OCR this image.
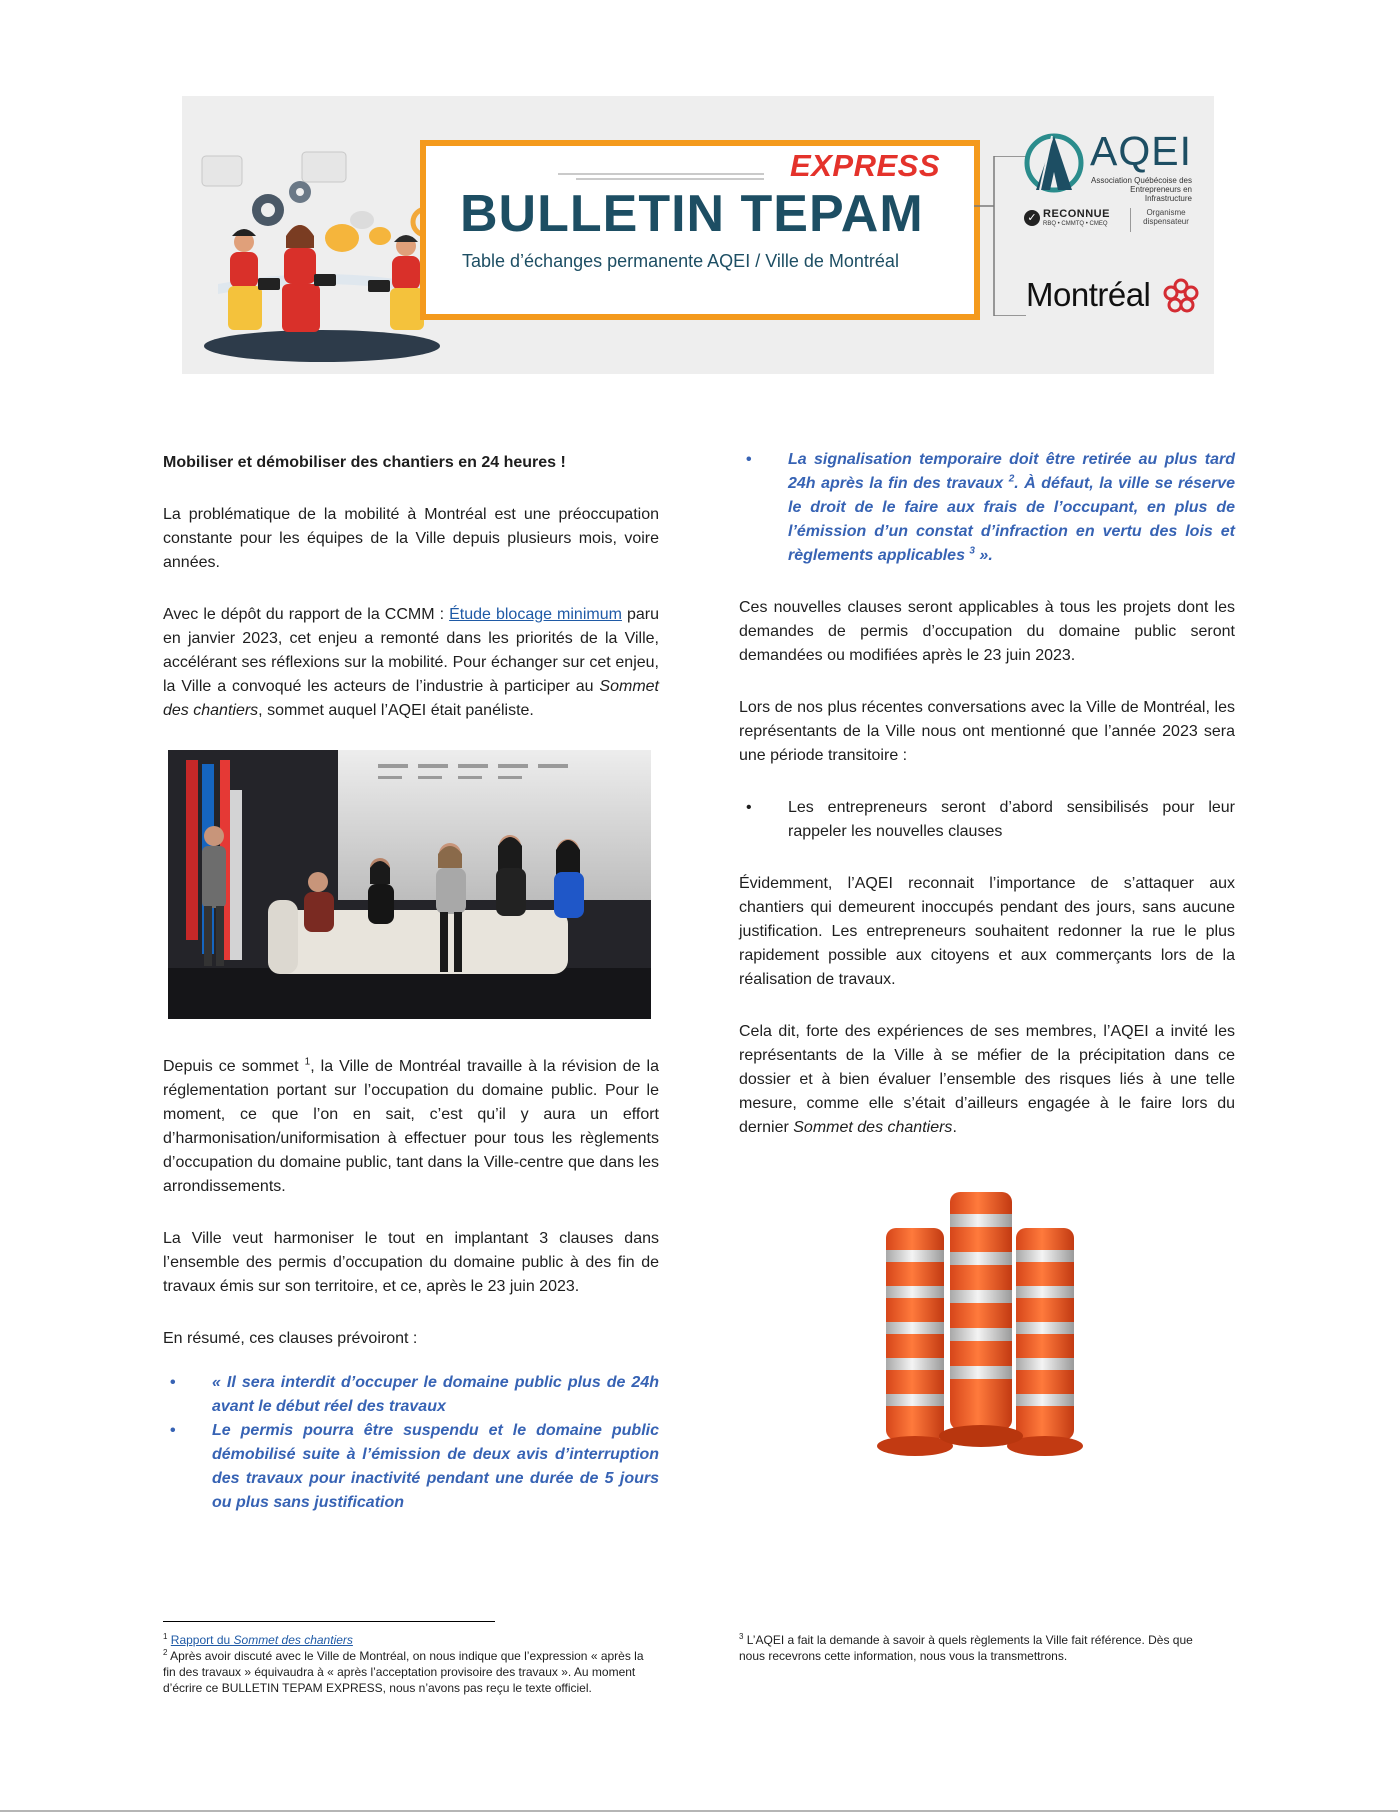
EXPRESS
BULLETIN TEPAM
Table d’échanges permanente AQEI / Ville de Montréal
AQEI
Association Québécoise des Entrepreneurs en Infrastructure
✓ RECONNUE
RBQ • CMMTQ • CMEQ
Organisme dispensateur
Montréal

Mobiliser et démobiliser des chantiers en 24 heures !

La problématique de la mobilité à Montréal est une préoccupation constante pour les équipes de la Ville depuis plusieurs mois, voire années.

Avec le dépôt du rapport de la CCMM : Étude blocage minimum paru en janvier 2023, cet enjeu a remonté dans les priorités de la Ville, accélérant ses réflexions sur la mobilité. Pour échanger sur cet enjeu, la Ville a convoqué les acteurs de l’industrie à participer au Sommet des chantiers, sommet auquel l’AQEI était panéliste.

Depuis ce sommet $^1$, la Ville de Montréal travaille à la révision de la réglementation portant sur l’occupation du domaine public. Pour le moment, ce que l’on en sait, c’est qu’il y aura un effort d’harmonisation/uniformisation à effectuer pour tous les règlements d’occupation du domaine public, tant dans la Ville-centre que dans les arrondissements.

La Ville veut harmoniser le tout en implantant 3 clauses dans l’ensemble des permis d’occupation du domaine public à des fin de travaux émis sur son territoire, et ce, après le 23 juin 2023.

En résumé, ces clauses prévoiront :

• « Il sera interdit d’occuper le domaine public plus de 24h avant le début réel des travaux
• Le permis pourra être suspendu et le domaine public démobilisé suite à l’émission de deux avis d’interruption des travaux pour inactivité pendant une durée de 5 jours ou plus sans justification
• La signalisation temporaire doit être retirée au plus tard 24h après la fin des travaux $^2$. À défaut, la ville se réserve le droit de le faire aux frais de l’occupant, en plus de l’émission d’un constat d’infraction en vertu des lois et règlements applicables $^3$ ».

Ces nouvelles clauses seront applicables à tous les projets dont les demandes de permis d’occupation du domaine public seront demandées ou modifiées après le 23 juin 2023.

Lors de nos plus récentes conversations avec la Ville de Montréal, les représentants de la Ville nous ont mentionné que l’année 2023 sera une période transitoire :

• Les entrepreneurs seront d’abord sensibilisés pour leur rappeler les nouvelles clauses

Évidemment, l’AQEI reconnait l’importance de s’attaquer aux chantiers qui demeurent inoccupés pendant des jours, sans aucune justification. Les entrepreneurs souhaitent redonner la rue le plus rapidement possible aux citoyens et aux commerçants lors de la réalisation de travaux.

Cela dit, forte des expériences de ses membres, l’AQEI a invité les représentants de la Ville à se méfier de la précipitation dans ce dossier et à bien évaluer l’ensemble des risques liés à une telle mesure, comme elle s’était d’ailleurs engagée à le faire lors du dernier Sommet des chantiers.

$^1$ Rapport du Sommet des chantiers

$^2$ Après avoir discuté avec le Ville de Montréal, on nous indique que l’expression « après la fin des travaux » équivaudra à « après l’acceptation provisoire des travaux ». Au moment d’écrire ce BULLETIN TEPAM EXPRESS, nous n’avons pas reçu le texte officiel.

$^3$ L’AQEI a fait la demande à savoir à quels règlements la Ville fait référence. Dès que nous recevrons cette information, nous vous la transmettrons.
